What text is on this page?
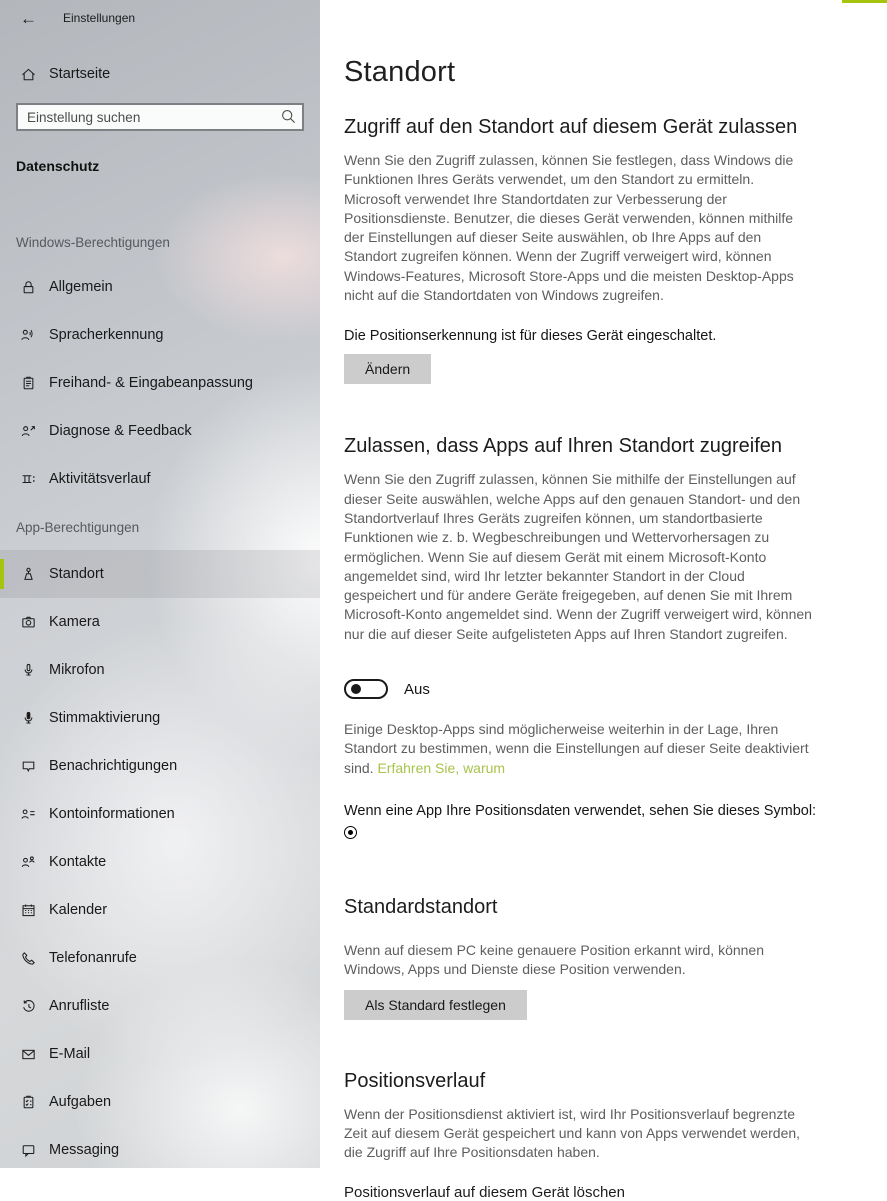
←	Einstellungen
Startseite
Einstellung suchen
Datenschutz
Windows-Berechtigungen
Allgemein
Spracherkennung
Freihand- & Eingabeanpassung
Diagnose & Feedback
Aktivitätsverlauf
App-Berechtigungen
Standort
Kamera
Mikrofon
Stimmaktivierung
Benachrichtigungen
Kontoinformationen
Kontakte
Kalender
Telefonanrufe
Anrufliste
E-Mail
Aufgaben
Messaging
Standort
Zugriff auf den Standort auf diesem Gerät zulassen

Wenn Sie den Zugriff zulassen, können Sie festlegen, dass Windows die Funktionen Ihres Geräts verwendet, um den Standort zu ermitteln. Microsoft verwendet Ihre Standortdaten zur Verbesserung der Positionsdienste. Benutzer, die dieses Gerät verwenden, können mithilfe der Einstellungen auf dieser Seite auswählen, ob Ihre Apps auf den Standort zugreifen können. Wenn der Zugriff verweigert wird, können Windows-Features, Microsoft Store-Apps und die meisten Desktop-Apps nicht auf die Standortdaten von Windows zugreifen.

Die Positionserkennung ist für dieses Gerät eingeschaltet.
Ändern
Zulassen, dass Apps auf Ihren Standort zugreifen

Wenn Sie den Zugriff zulassen, können Sie mithilfe der Einstellungen auf dieser Seite auswählen, welche Apps auf den genauen Standort- und den Standortverlauf Ihres Geräts zugreifen können, um standortbasierte Funktionen wie z. b. Wegbeschreibungen und Wettervorhersagen zu ermöglichen. Wenn Sie auf diesem Gerät mit einem Microsoft-Konto angemeldet sind, wird Ihr letzter bekannter Standort in der Cloud gespeichert und für andere Geräte freigegeben, auf denen Sie mit Ihrem Microsoft-Konto angemeldet sind. Wenn der Zugriff verweigert wird, können nur die auf dieser Seite aufgelisteten Apps auf Ihren Standort zugreifen.

Aus

Einige Desktop-Apps sind möglicherweise weiterhin in der Lage, Ihren Standort zu bestimmen, wenn die Einstellungen auf dieser Seite deaktiviert sind. Erfahren Sie, warum

Wenn eine App Ihre Positionsdaten verwendet, sehen Sie dieses Symbol:
Standardstandort

Wenn auf diesem PC keine genauere Position erkannt wird, können Windows, Apps und Dienste diese Position verwenden.

Als Standard festlegen
Positionsverlauf

Wenn der Positionsdienst aktiviert ist, wird Ihr Positionsverlauf begrenzte Zeit auf diesem Gerät gespeichert und kann von Apps verwendet werden, die Zugriff auf Ihre Positionsdaten haben.

Positionsverlauf auf diesem Gerät löschen
